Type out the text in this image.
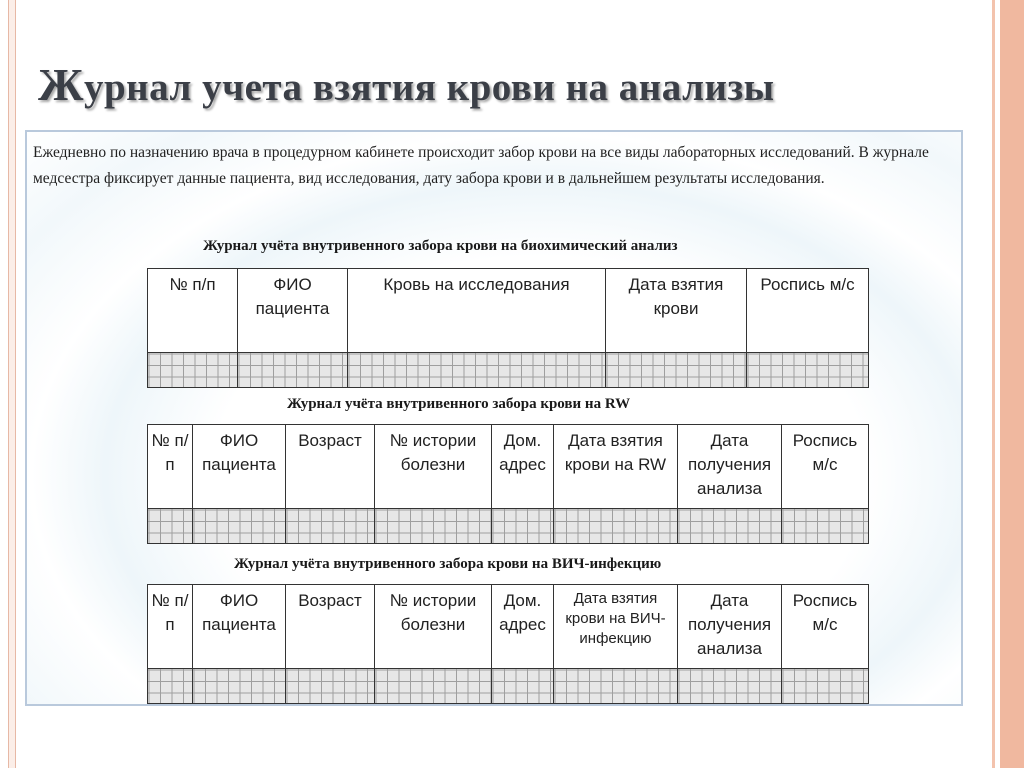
Журнал учета взятия крови на анализы

Ежедневно по назначению врача в процедурном кабинете происходит забор крови на все виды лабораторных исследований. В журнале медсестра фиксирует данные пациента, вид исследования, дату забора крови и в дальнейшем результаты исследования.

Журнал учёта внутривенного забора крови на биохимический анализ

№ п/п	ФИО пациента	Кровь на исследования	Дата взятия крови	Роспись м/с

Журнал учёта внутривенного забора крови на RW

№ п/п	ФИО пациента	Возраст	№ истории болезни	Дом. адрес	Дата взятия крови на RW	Дата получения анализа	Роспись м/с

Журнал учёта внутривенного забора крови на ВИЧ-инфекцию

№ п/п	ФИО пациента	Возраст	№ истории болезни	Дом. адрес	Дата взятия крови на ВИЧ-инфекцию	Дата получения анализа	Роспись м/с
